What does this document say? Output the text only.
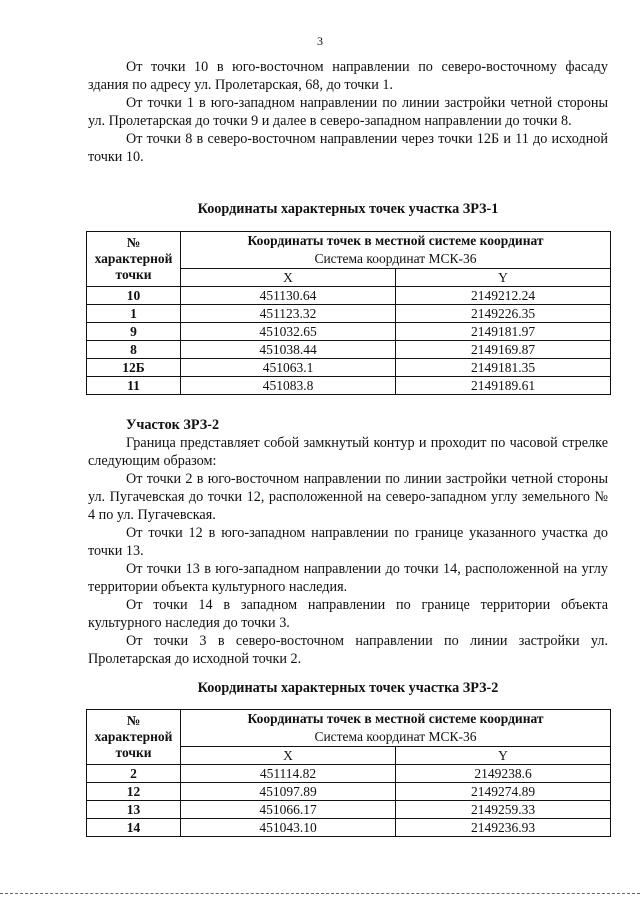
3

От точки 10 в юго-восточном направлении по северо-восточному фасаду здания по адресу ул. Пролетарская, 68, до точки 1.

От точки 1 в юго-западном направлении по линии застройки четной стороны ул. Пролетарская до точки 9 и далее в северо-западном направлении до точки 8.

От точки 8 в северо-восточном направлении через точки 12Б и 11 до исходной точки 10.

Координаты характерных точек участка ЗРЗ-1
№ характерной точки	Координаты точек в местной системе координат
Система координат МСК-36	
	X	Y
10	451130.64	2149212.24
1	451123.32	2149226.35
9	451032.65	2149181.97
8	451038.44	2149169.87
12Б	451063.1	2149181.35
11	451083.8	2149189.61

Участок ЗРЗ-2

Граница представляет собой замкнутый контур и проходит по часовой стрелке следующим образом:

От точки 2 в юго-восточном направлении по линии застройки четной стороны ул. Пугачевская до точки 12, расположенной на северо-западном углу земельного № 4 по ул. Пугачевская.

От точки 12 в юго-западном направлении по границе указанного участка до точки 13.

От точки 13 в юго-западном направлении до точки 14, расположенной на углу территории объекта культурного наследия.

От точки 14 в западном направлении по границе территории объекта культурного наследия до точки 3.

От точки 3 в северо-восточном направлении по линии застройки ул. Пролетарская до исходной точки 2.

Координаты характерных точек участка ЗРЗ-2
№ характерной точки	Координаты точек в местной системе координат
Система координат МСК-36	
	X	Y
2	451114.82	2149238.6
12	451097.89	2149274.89
13	451066.17	2149259.33
14	451043.10	2149236.93
